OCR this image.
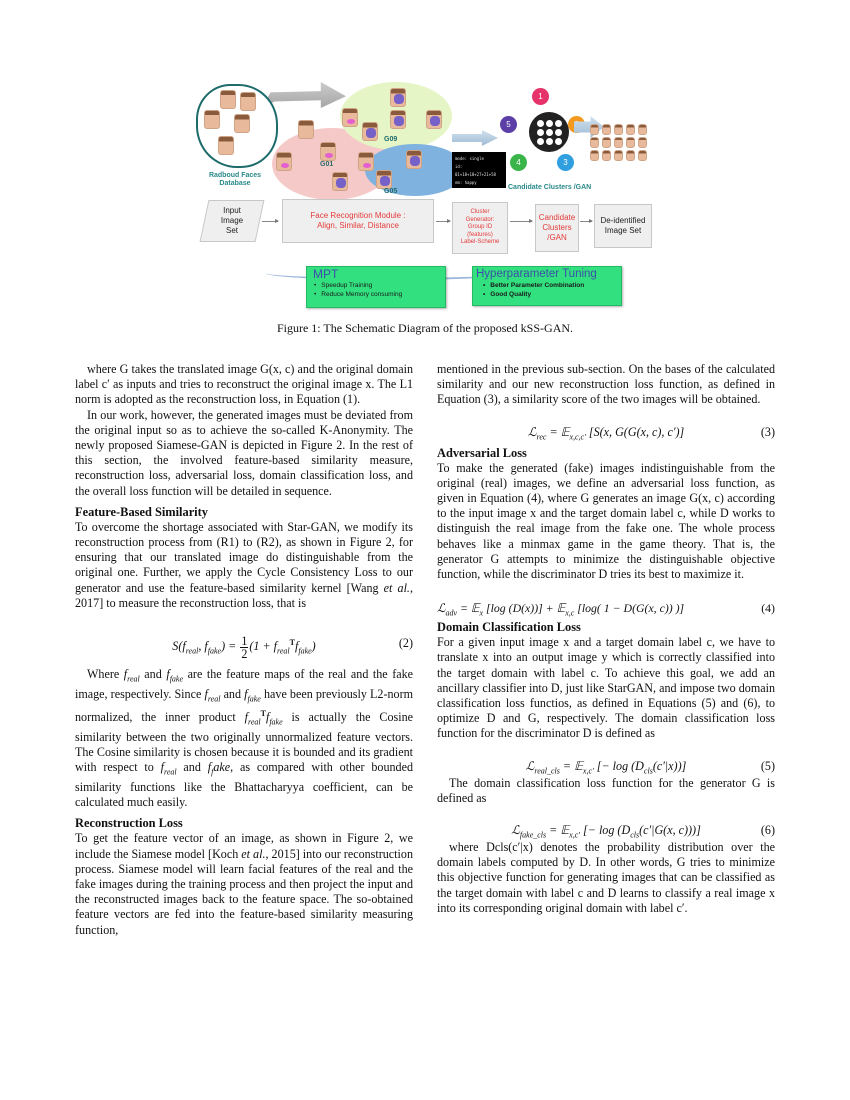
Radboud Faces Database
G01
G09
G05
mode: single
id: 01+18+18+27+21+58
em: happy
1
3
4
5
Candidate Clusters /GAN
Input Image Set
Face Recognition Module : Align, Similar, Distance
Cluster Generator: Group ID (features) Label-Scheme
Candidate Clusters /GAN
De-identified Image Set
MPT
• Speedup Training
• Reduce Memory consuming
Hyperparameter Tuning
• Better Parameter Combination
• Good Quality
Figure 1: The Schematic Diagram of the proposed kSS-GAN.

where G takes the translated image G(x, c) and the original domain label c′ as inputs and tries to reconstruct the original image x. The L1 norm is adopted as the reconstruction loss, in Equation (1).

In our work, however, the generated images must be deviated from the original input so as to achieve the so-called K-Anonymity. The newly proposed Siamese-GAN is depicted in Figure 2. In the rest of this section, the involved feature-based similarity measure, reconstruction loss, adversarial loss, domain classification loss, and the overall loss function will be detailed in sequence.

Feature-Based Similarity

To overcome the shortage associated with Star-GAN, we modify its reconstruction process from (R1) to (R2), as shown in Figure 2, for ensuring that our translated image do distinguishable from the original one. Further, we apply the Cycle Consistency Loss to our generator and use the feature-based similarity kernel [Wang et al., 2017] to measure the reconstruction loss, that is

$S(f_{real}$, $f_{fake}) = \frac{1}{2} (1 + f_{real}^Tf_{fake})$	(2)

Where $f_{real}$ and $f_{fake}$ are the feature maps of the real and the fake image, respectively. Since $f_{real}$ and $f_{fake}$ have been previously L2-norm normalized, the inner product $f_{real}^Tf_{fake}$ is actually the Cosine similarity between the two originally unnormalized feature vectors. The Cosine similarity is chosen because it is bounded and its gradient with respect to $f_{real}$ and $f_fake$, as compared with other bounded similarity functions like the Bhattacharyya coefficient, can be calculated much easily.

Reconstruction Loss

To get the feature vector of an image, as shown in Figure 2, we include the Siamese model [Koch et al., 2015] into our reconstruction process. Siamese model will learn facial features of the real and the fake images during the training process and then project the input and the reconstructed images back to the feature space. The so-obtained feature vectors are fed into the feature-based similarity measuring function,

mentioned in the previous sub-section. On the bases of the calculated similarity and our new reconstruction loss function, as defined in Equation (3), a similarity score of the two images will be obtained.

ℒ$_{rec}$ = 𝔼$_{x,c,c'}$ [S(x, G(G(x, c), c′)]	(3)
Adversarial Loss

To make the generated (fake) images indistinguishable from the original (real) images, we define an adversarial loss function, as given in Equation (4), where G generates an image G(x, c) according to the input image x and the target domain label c, while D works to distinguish the real image from the fake one. The whole process behaves like a minmax game in the game theory. That is, the generator G attempts to minimize the distinguishable objective function, while the discriminator D tries its best to maximize it.

ℒ$_{adv}$ = 𝔼$_x$ [log (D(x))] + 𝔼$_{x,c}$ [log( 1 − D(G(x, c)) )]	(4)
Domain Classification Loss

For a given input image x and a target domain label c, we have to translate x into an output image y which is correctly classified into the target domain with label c. To achieve this goal, we add an ancillary classifier into D, just like StarGAN, and impose two domain classification loss functios, as defined in Equations (5) and (6), to optimize D and G, respectively. The domain classification loss function for the discriminator D is defined as

ℒ$_{real\_cls}$ = 𝔼$_{x,c'}$ [− $\log (D_{cls}(c'|x))$]	(5)

The domain classification loss function for the generator G is defined as

ℒ$_{fake\_cls}$ = 𝔼$_{x,c'}$ [− $\log (D_{cls}(c'|G(x$, c)))]	(6)

where Dcls(c′|x) denotes the probability distribution over the domain labels computed by D. In other words, G tries to minimize this objective function for generating images that can be classified as the target domain with label c and D learns to classify a real image x into its corresponding original domain with label c′.
